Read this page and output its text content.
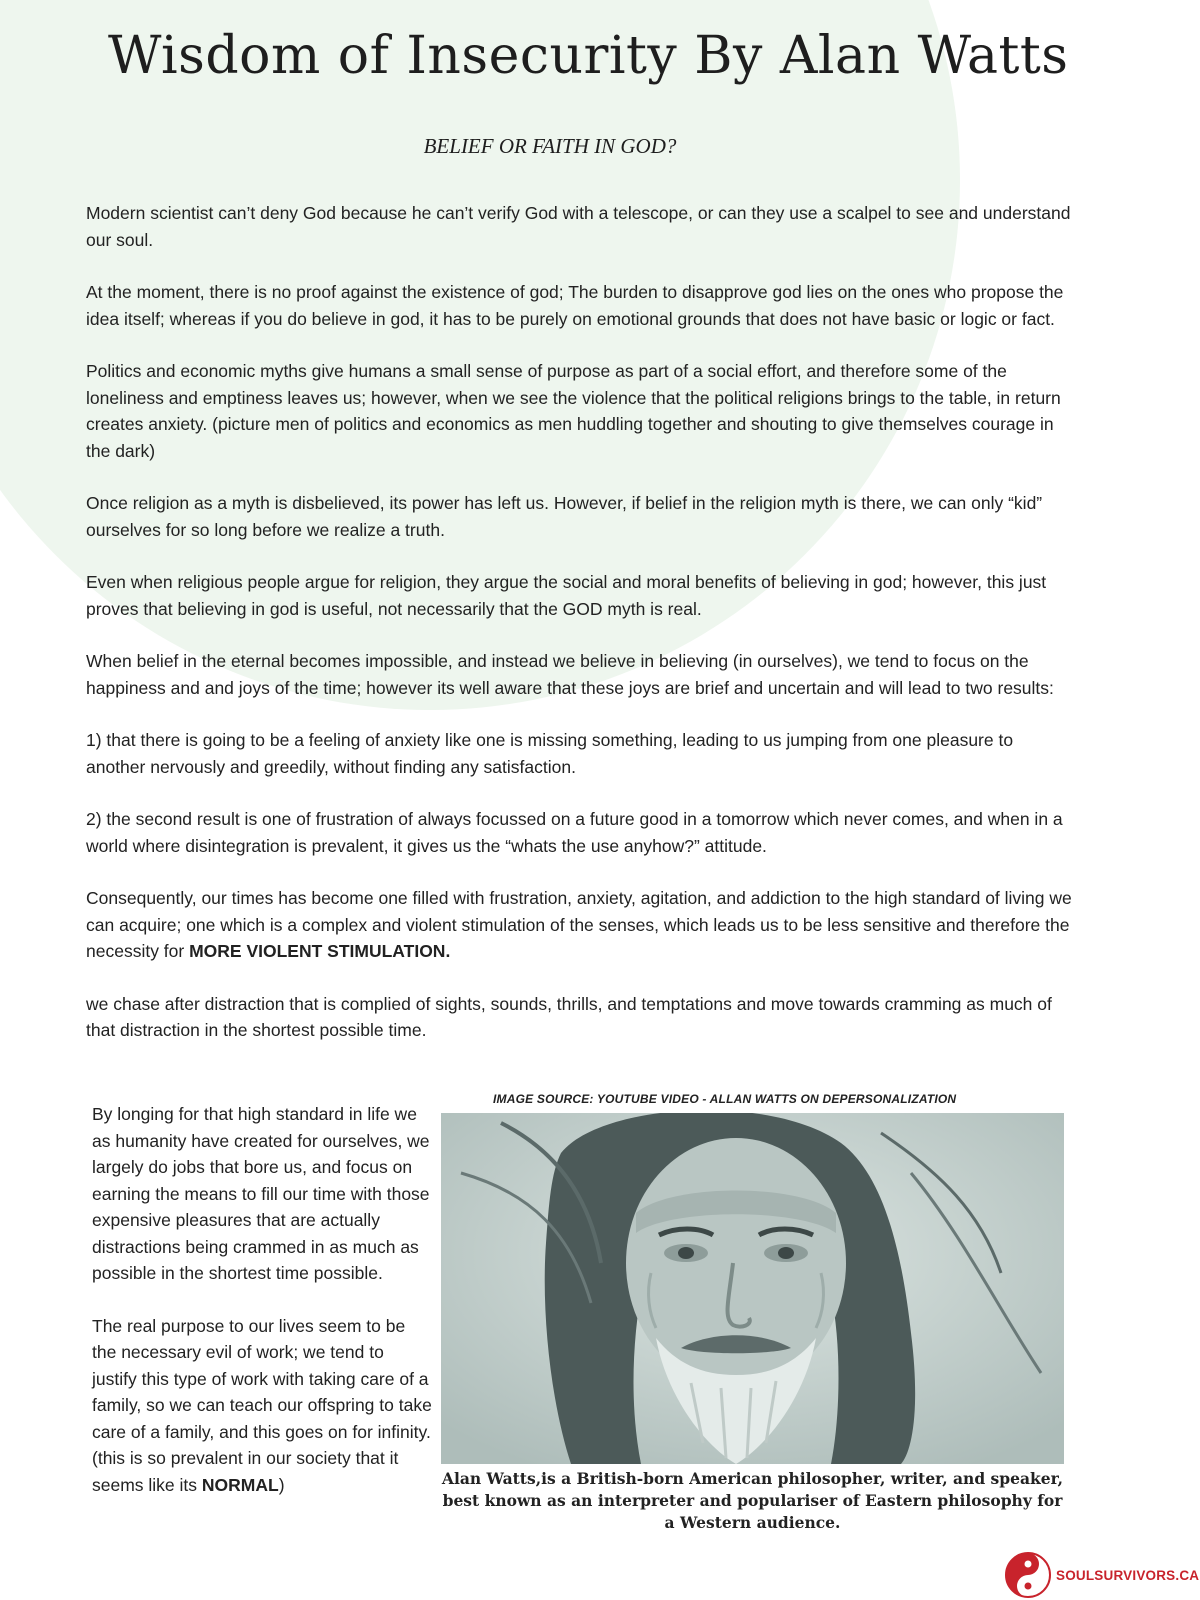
Wisdom of Insecurity By Alan Watts
BELIEF OR FAITH IN GOD?

Modern scientist can’t deny God because he can’t verify God with a telescope, or can they use a scalpel to see and understand our soul.

At the moment, there is no proof against the existence of god; The burden to disapprove god lies on the ones who propose the idea itself; whereas if you do believe in god, it has to be purely on emotional grounds that does not have basic or logic or fact.

Politics and economic myths give humans a small sense of purpose as part of a social effort, and therefore some of the loneliness and emptiness leaves us; however, when we see the violence that the political religions brings to the table, in return creates anxiety. (picture men of politics and economics as men huddling together and shouting to give themselves courage in the dark)

Once religion as a myth is disbelieved, its power has left us. However, if belief in the religion myth is there, we can only “kid” ourselves for so long before we realize a truth.

Even when religious people argue for religion, they argue the social and moral benefits of believing in god; however, this just proves that believing in god is useful, not necessarily that the GOD myth is real.

When belief in the eternal becomes impossible, and instead we believe in believing (in ourselves), we tend to focus on the happiness and and joys of the time; however its well aware that these joys are brief and uncertain and will lead to two results:

1) that there is going to be a feeling of anxiety like one is missing something, leading to us jumping from one pleasure to another nervously and greedily, without finding any satisfaction.

2) the second result is one of frustration of always focussed on a future good in a tomorrow which never comes, and when in a world where disintegration is prevalent, it gives us the “whats the use anyhow?” attitude.

Consequently, our times has become one filled with frustration, anxiety, agitation, and addiction to the high standard of living we can acquire; one which is a complex and violent stimulation of the senses, which leads us to be less sensitive and therefore the necessity for MORE VIOLENT STIMULATION.

we chase after distraction that is complied of sights, sounds, thrills, and temptations and move towards cramming as much of that distraction in the shortest possible time.

By longing for that high standard in life we as humanity have created for ourselves, we largely do jobs that bore us, and focus on earning the means to fill our time with those expensive pleasures that are actually distractions being crammed in as much as possible in the shortest time possible.

The real purpose to our lives seem to be the necessary evil of work; we tend to justify this type of work with taking care of a family, so we can teach our offspring to take care of a family, and this goes on for infinity. (this is so prevalent in our society that it seems like its NORMAL)

IMAGE SOURCE: YOUTUBE VIDEO - ALLAN WATTS ON DEPERSONALIZATION
Alan Watts,is a British-born American philosopher, writer, and speaker, best known as an interpreter and populariser of Eastern philosophy for a Western audience.
SOULSURVIVORS.CA
